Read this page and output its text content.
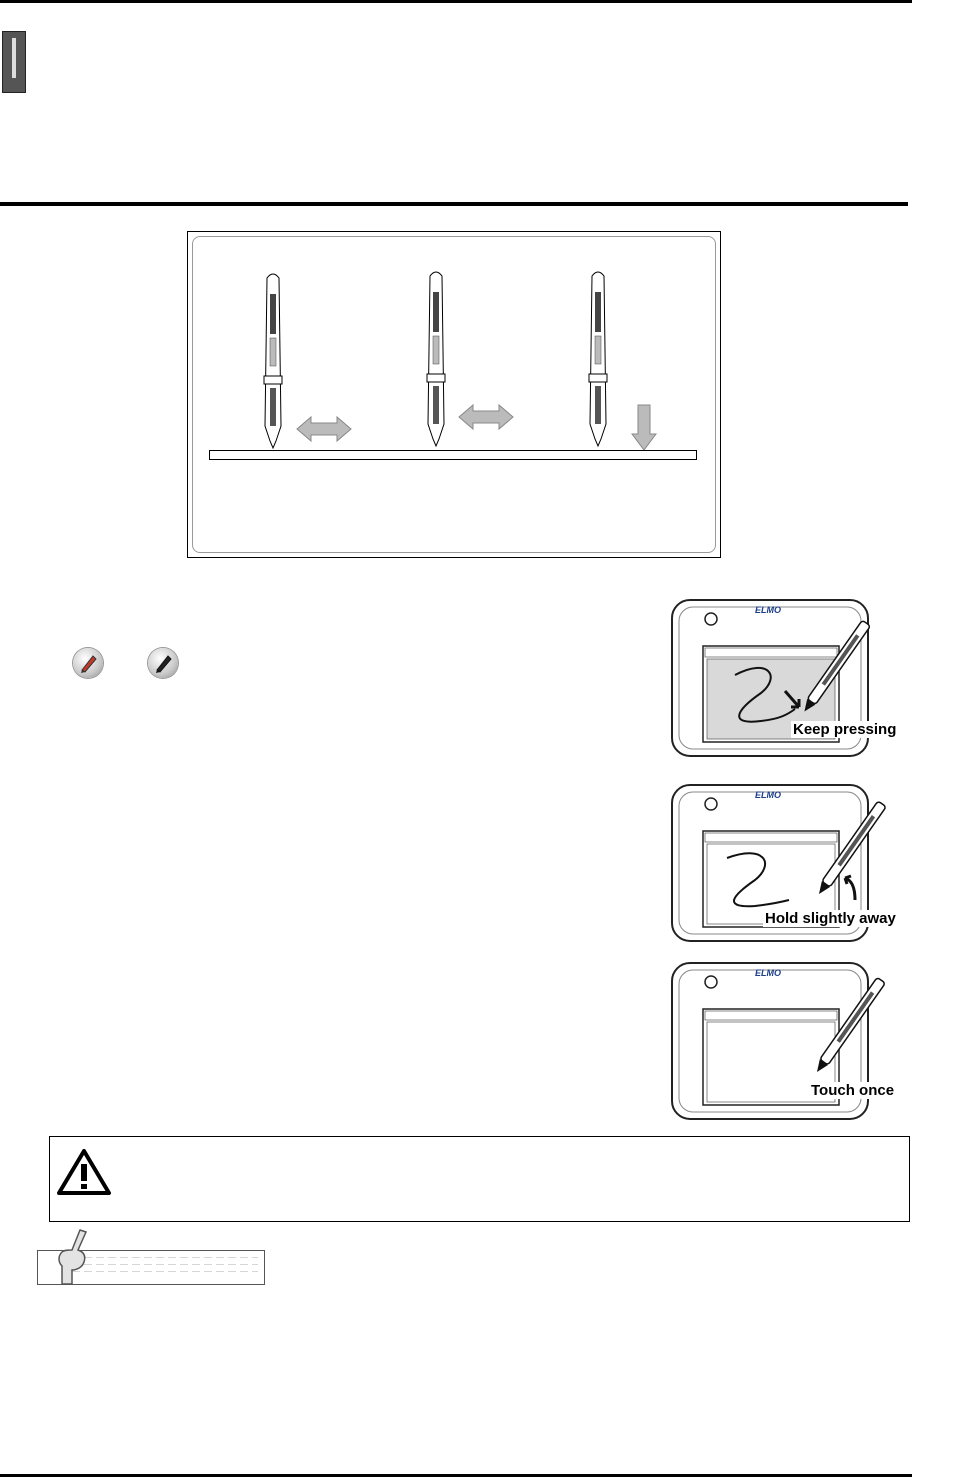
ELMO
Keep pressing
ELMO
Hold slightly away
ELMO
Touch once
